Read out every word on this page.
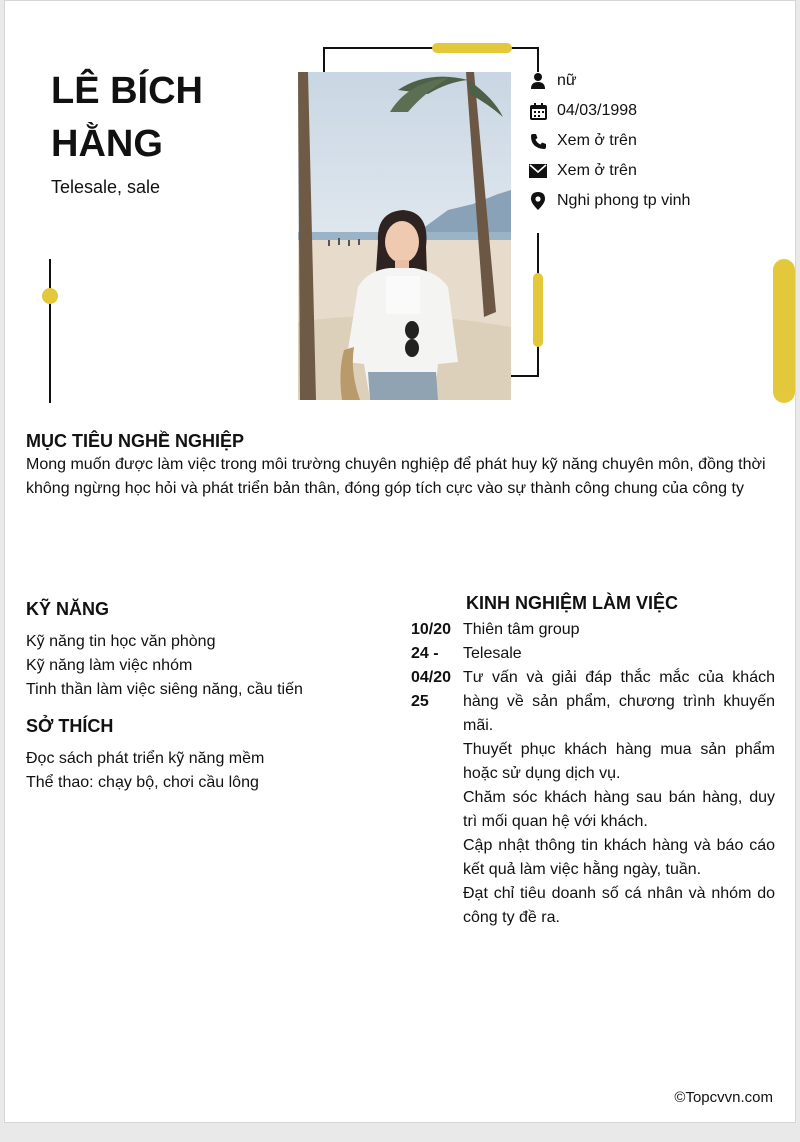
LÊ BÍCH
HẰNG
Telesale, sale
nữ
04/03/1998
Xem ở trên
Xem ở trên
Nghi phong tp vinh
MỤC TIÊU NGHỀ NGHIỆP
Mong muốn được làm việc trong môi trường chuyên nghiệp để phát huy kỹ năng chuyên môn, đồng thời không ngừng học hỏi và phát triển bản thân, đóng góp tích cực vào sự thành công chung của công ty
KỸ NĂNG
Kỹ năng tin học văn phòng
Kỹ năng làm việc nhóm
Tinh thần làm việc siêng năng, cầu tiến
SỞ THÍCH
Đọc sách phát triển kỹ năng mềm
Thể thao: chạy bộ, chơi cầu lông
KINH NGHIỆM LÀM VIỆC
10/20
24 -
04/20
25
Thiên tâm group
Telesale
Tư vấn và giải đáp thắc mắc của khách hàng về sản phẩm, chương trình khuyến mãi.
Thuyết phục khách hàng mua sản phẩm hoặc sử dụng dịch vụ.
Chăm sóc khách hàng sau bán hàng, duy trì mối quan hệ với khách.
Cập nhật thông tin khách hàng và báo cáo kết quả làm việc hằng ngày, tuần.
Đạt chỉ tiêu doanh số cá nhân và nhóm do công ty đề ra.
©Topcvvn.com
